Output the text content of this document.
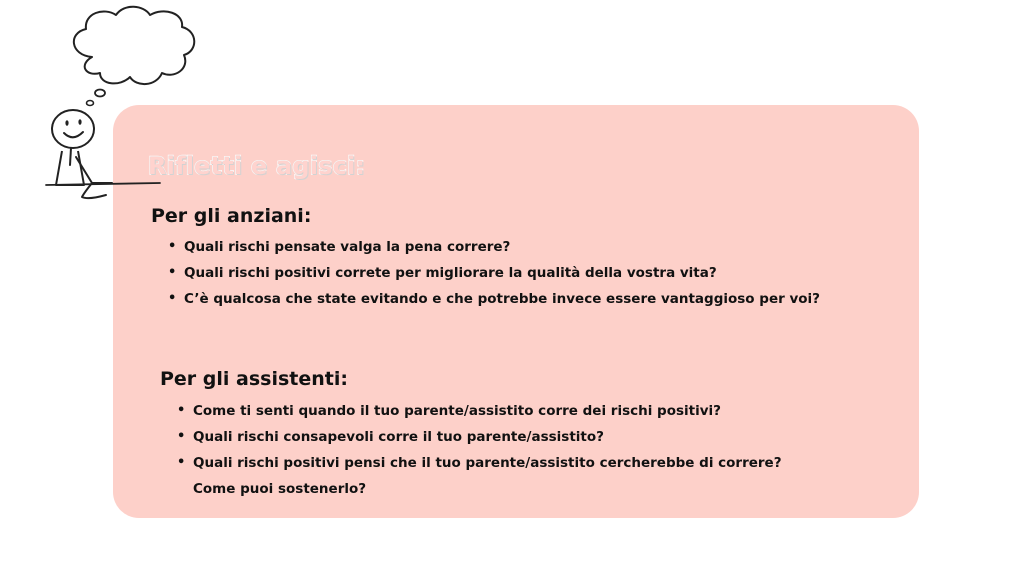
Rifletti e agisci:
Per gli anziani:
• Quali rischi pensate valga la pena correre?
• Quali rischi positivi correte per migliorare la qualità della vostra vita?
• C’è qualcosa che state evitando e che potrebbe invece essere vantaggioso per voi?
Per gli assistenti:
• Come ti senti quando il tuo parente/assistito corre dei rischi positivi?
• Quali rischi consapevoli corre il tuo parente/assistito?
• Quali rischi positivi pensi che il tuo parente/assistito cercherebbe di correre?
Come puoi sostenerlo?
